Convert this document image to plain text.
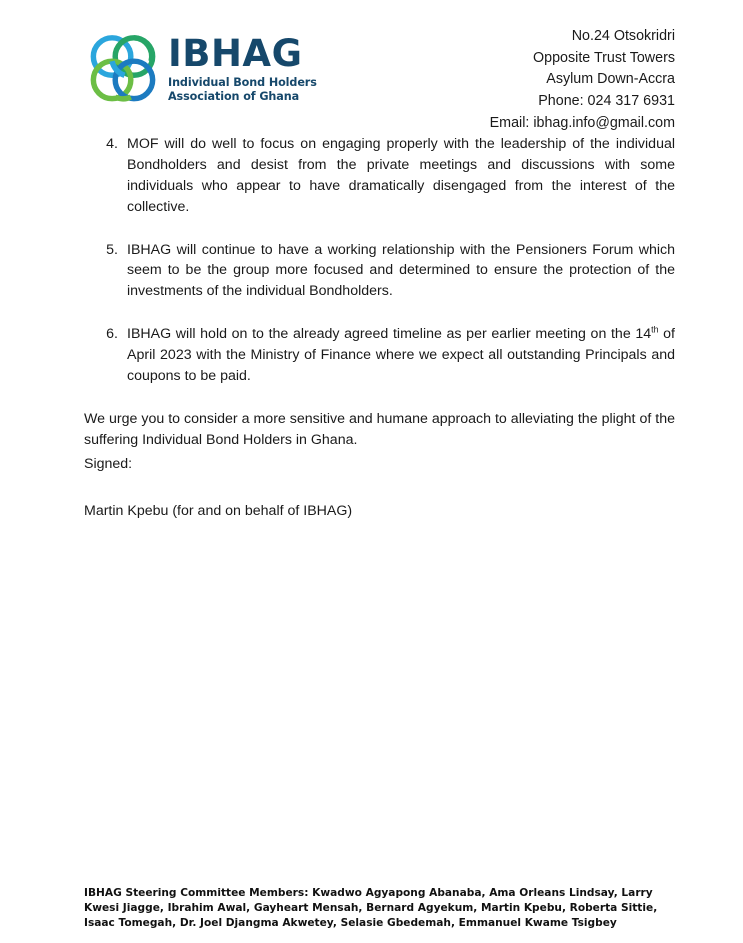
IBHAG
Individual Bond Holders
Association of Ghana
No.24 Otsokridri
Opposite Trust Towers
Asylum Down-Accra
Phone: 024 317 6931
Email: ibhag.info@gmail.com
4. MOF will do well to focus on engaging properly with the leadership of the individual Bondholders and desist from the private meetings and discussions with some individuals who appear to have dramatically disengaged from the interest of the collective.
5. IBHAG will continue to have a working relationship with the Pensioners Forum which seem to be the group more focused and determined to ensure the protection of the investments of the individual Bondholders.
6. IBHAG will hold on to the already agreed timeline as per earlier meeting on the 14th of April 2023 with the Ministry of Finance where we expect all outstanding Principals and coupons to be paid.
We urge you to consider a more sensitive and humane approach to alleviating the plight of the suffering Individual Bond Holders in Ghana.
Signed:
Martin Kpebu (for and on behalf of IBHAG)
IBHAG Steering Committee Members: Kwadwo Agyapong Abanaba, Ama Orleans Lindsay, Larry Kwesi Jiagge, Ibrahim Awal, Gayheart Mensah, Bernard Agyekum, Martin Kpebu, Roberta Sittie, Isaac Tomegah, Dr. Joel Djangma Akwetey, Selasie Gbedemah, Emmanuel Kwame Tsigbey
